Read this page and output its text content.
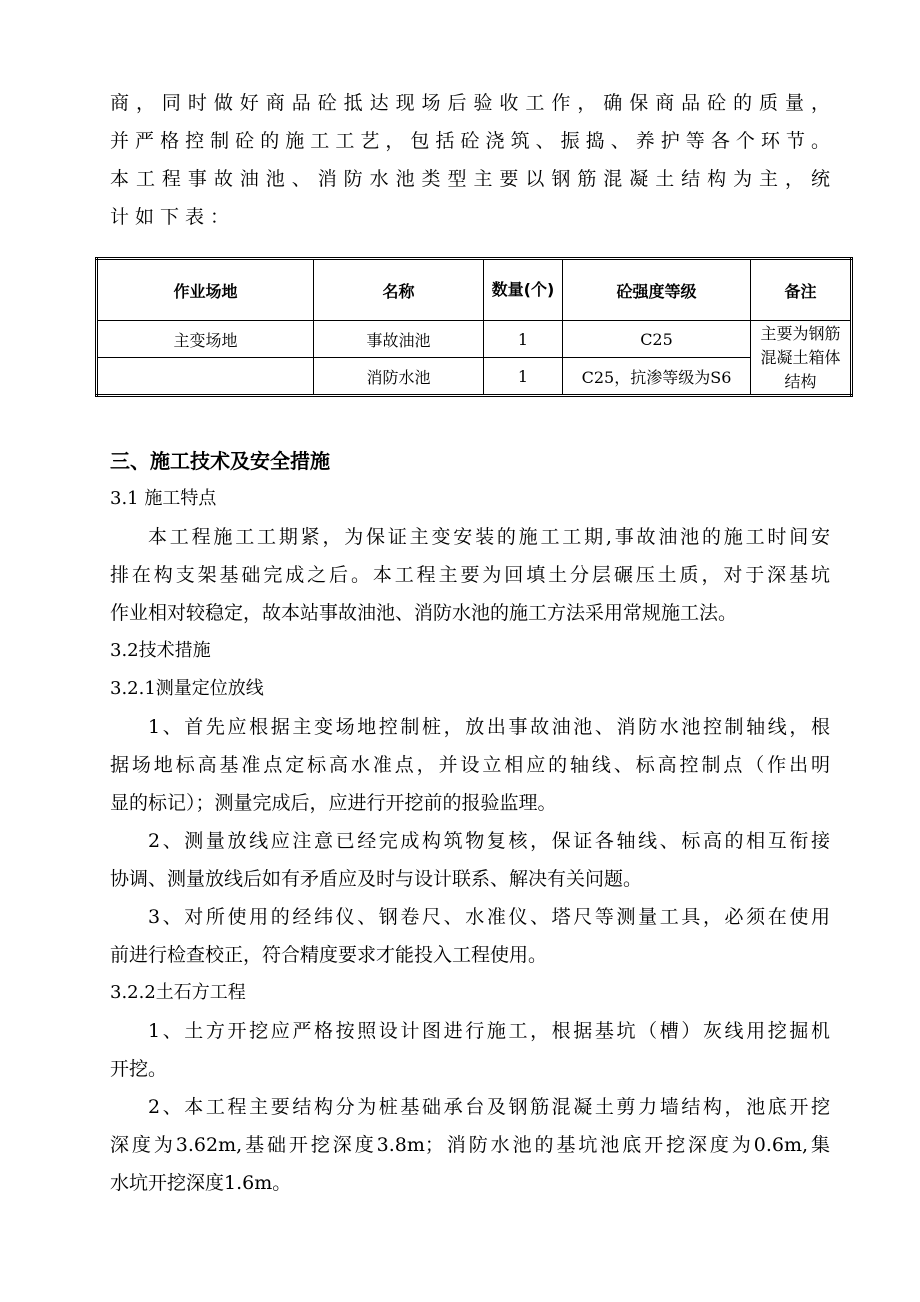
商，同时做好商品砼抵达现场后验收工作，确保商品砼的质量，

并严格控制砼的施工工艺，包括砼浇筑、振捣、养护等各个环节。

本工程事故油池、消防水池类型主要以钢筋混凝土结构为主，统

计如下表：

作业场地	名称	数量(个)	砼强度等级	备注
主变场地	事故油池	1	C25	主要为钢筋混凝土箱体结构
	消防水池	1	C25，抗渗等级为S6	
三、施工技术及安全措施

3.1 施工特点

本工程施工工期紧，为保证主变安装的施工工期,事故油池的施工时间安

排在构支架基础完成之后。本工程主要为回填土分层碾压土质，对于深基坑

作业相对较稳定，故本站事故油池、消防水池的施工方法采用常规施工法。

3.2技术措施

3.2.1测量定位放线

1、首先应根据主变场地控制桩，放出事故油池、消防水池控制轴线，根

据场地标高基准点定标高水准点，并设立相应的轴线、标高控制点（作出明

显的标记）；测量完成后，应进行开挖前的报验监理。

2、测量放线应注意已经完成构筑物复核，保证各轴线、标高的相互衔接

协调、测量放线后如有矛盾应及时与设计联系、解决有关问题。

3、对所使用的经纬仪、钢卷尺、水准仪、塔尺等测量工具，必须在使用

前进行检查校正，符合精度要求才能投入工程使用。

3.2.2土石方工程

1、土方开挖应严格按照设计图进行施工，根据基坑（槽）灰线用挖掘机

开挖。

2、本工程主要结构分为桩基础承台及钢筋混凝土剪力墙结构，池底开挖

深度为3.62m,基础开挖深度3.8m；消防水池的基坑池底开挖深度为0.6m,集

水坑开挖深度1.6m。
